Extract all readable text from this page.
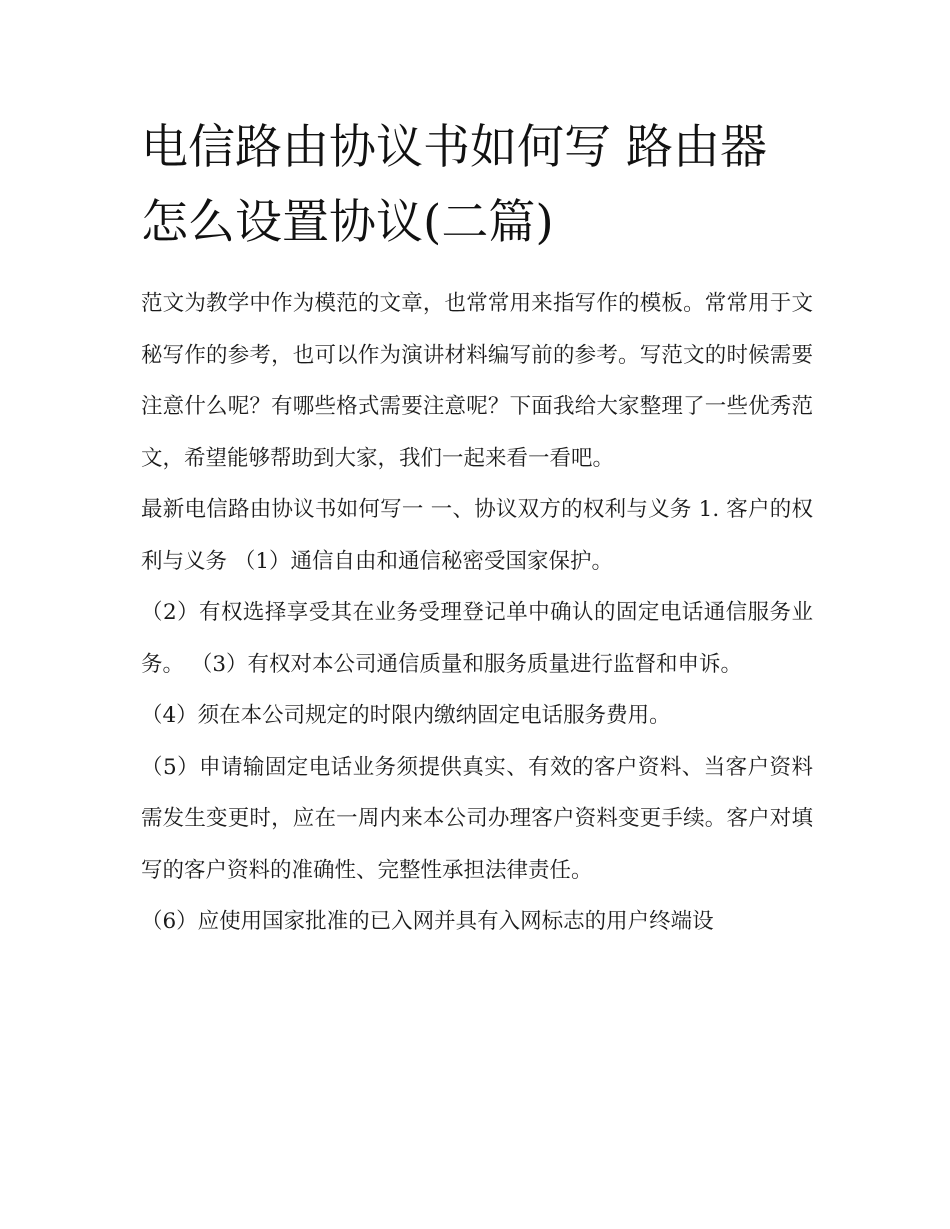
电信路由协议书如何写 路由器怎么设置协议(二篇)

范文为教学中作为模范的文章，也常常用来指写作的模板。常常用于文秘写作的参考，也可以作为演讲材料编写前的参考。写范文的时候需要注意什么呢？有哪些格式需要注意呢？下面我给大家整理了一些优秀范文，希望能够帮助到大家，我们一起来看一看吧。

最新电信路由协议书如何写一 一、协议双方的权利与义务 1. 客户的权利与义务 （1）通信自由和通信秘密受国家保护。

（2）有权选择享受其在业务受理登记单中确认的固定电话通信服务业务。 （3）有权对本公司通信质量和服务质量进行监督和申诉。

（4）须在本公司规定的时限内缴纳固定电话服务费用。

（5）申请输固定电话业务须提供真实、有效的客户资料、当客户资料需发生变更时，应在一周内来本公司办理客户资料变更手续。客户对填写的客户资料的准确性、完整性承担法律责任。

（6）应使用国家批准的已入网并具有入网标志的用户终端设
